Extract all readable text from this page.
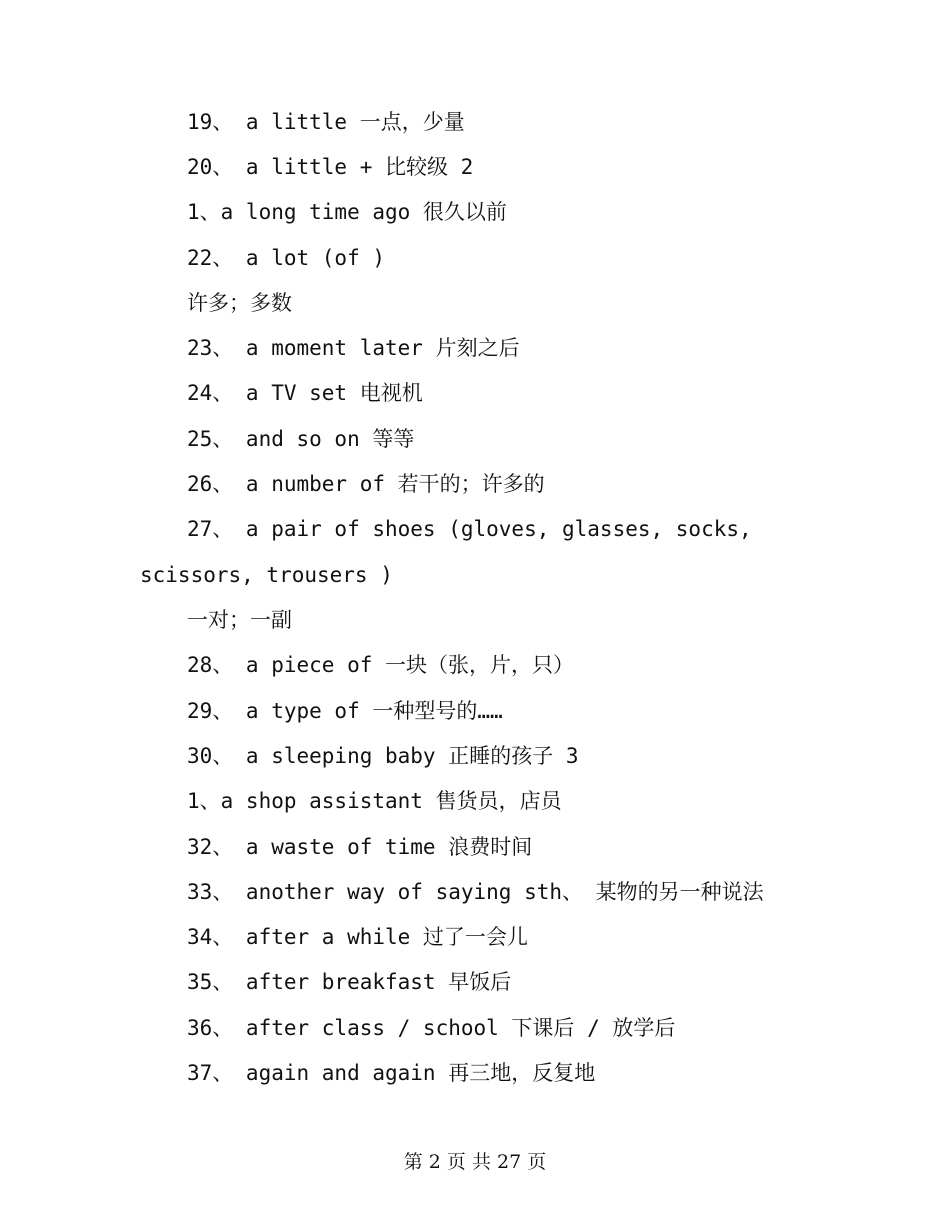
19、 a little 一点，少量
20、 a little + 比较级 2
1、a long time ago 很久以前
22、 a lot (of )
许多；多数
23、 a moment later 片刻之后
24、 a TV set 电视机
25、 and so on 等等
26、 a number of 若干的；许多的
27、 a pair of shoes (gloves, glasses, socks,
scissors, trousers )
一对；一副
28、 a piece of 一块（张，片，只）
29、 a type of 一种型号的……
30、 a sleeping baby 正睡的孩子 3
1、a shop assistant 售货员，店员
32、 a waste of time 浪费时间
33、 another way of saying sth、 某物的另一种说法
34、 after a while 过了一会儿
35、 after breakfast 早饭后
36、 after class / school 下课后 / 放学后
37、 again and again 再三地，反复地
第 2 页 共 27 页
